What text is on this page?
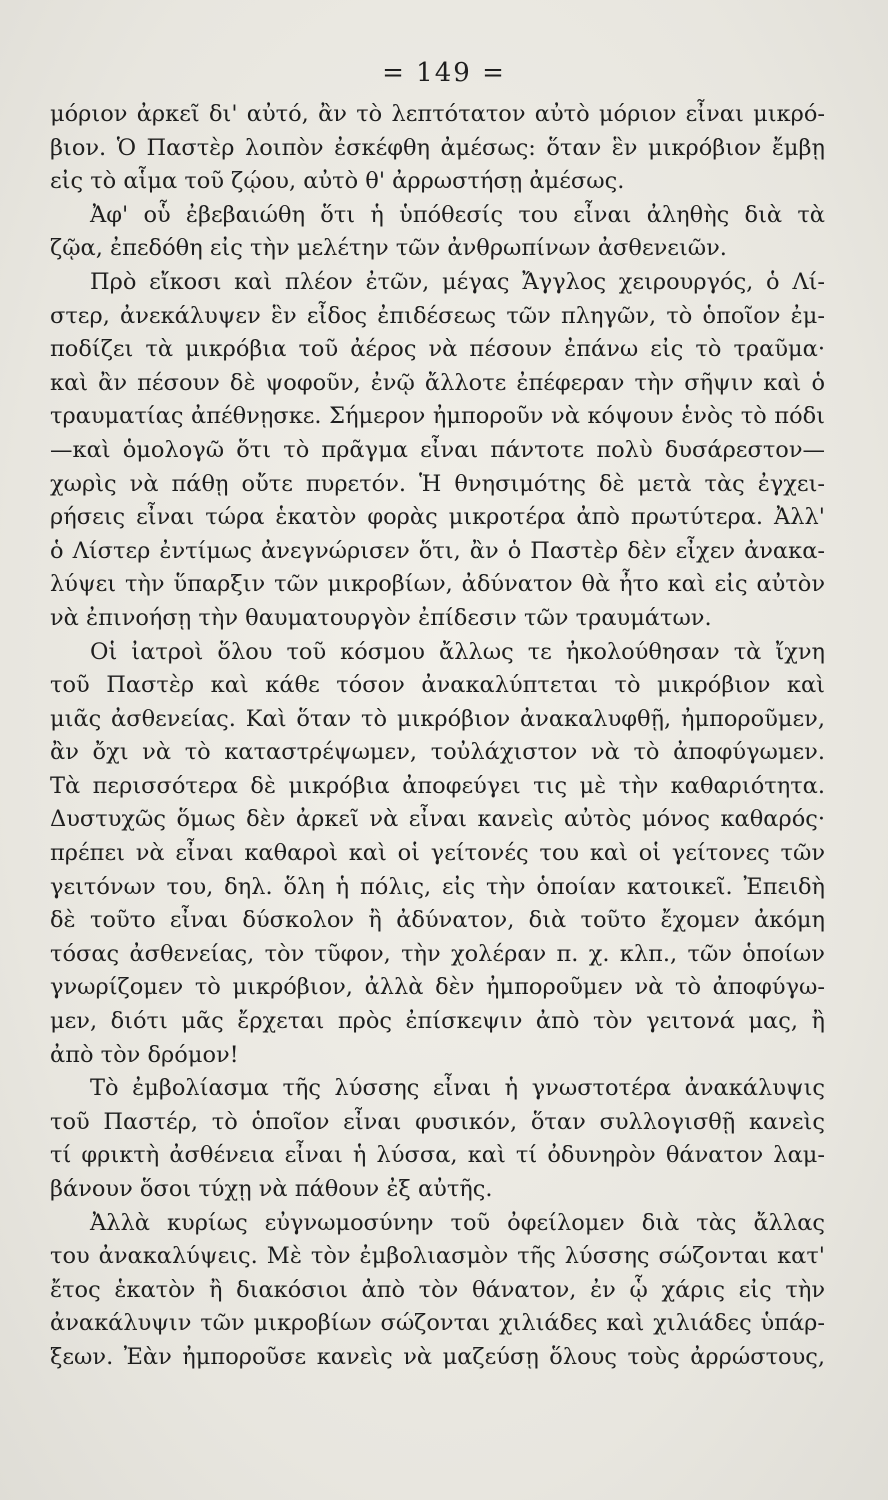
= 149 =
μόριον ἀρκεῖ δι' αὐτό, ἂν τὸ λεπτότατον αὐτὸ μόριον εἶναι μικρό-
βιον. Ὁ Παστὲρ λοιπὸν ἐσκέφθη ἀμέσως: ὅταν ἓν μικρόβιον ἔμβῃ
εἰς τὸ αἷμα τοῦ ζῴου, αὐτὸ θ' ἀρρωστήσῃ ἀμέσως.
Ἀφ' οὗ ἐβεβαιώθη ὅτι ἡ ὑπόθεσίς του εἶναι ἀληθὴς διὰ τὰ
ζῷα, ἐπεδόθη εἰς τὴν μελέτην τῶν ἀνθρωπίνων ἀσθενειῶν.
Πρὸ εἴκοσι καὶ πλέον ἐτῶν, μέγας Ἄγγλος χειρουργός, ὁ Λί-
στερ, ἀνεκάλυψεν ἓν εἶδος ἐπιδέσεως τῶν πληγῶν, τὸ ὁποῖον ἐμ-
ποδίζει τὰ μικρόβια τοῦ ἀέρος νὰ πέσουν ἐπάνω εἰς τὸ τραῦμα·
καὶ ἂν πέσουν δὲ ψοφοῦν, ἐνῷ ἄλλοτε ἐπέφεραν τὴν σῆψιν καὶ ὁ
τραυματίας ἀπέθνῃσκε. Σήμερον ἠμποροῦν νὰ κόψουν ἑνὸς τὸ πόδι
—καὶ ὁμολογῶ ὅτι τὸ πρᾶγμα εἶναι πάντοτε πολὺ δυσάρεστον—
χωρὶς νὰ πάθῃ οὔτε πυρετόν. Ἡ θνησιμότης δὲ μετὰ τὰς ἐγχει-
ρήσεις εἶναι τώρα ἑκατὸν φορὰς μικροτέρα ἀπὸ πρωτύτερα. Ἀλλ'
ὁ Λίστερ ἐντίμως ἀνεγνώρισεν ὅτι, ἂν ὁ Παστὲρ δὲν εἶχεν ἀνακα-
λύψει τὴν ὕπαρξιν τῶν μικροβίων, ἀδύνατον θὰ ἦτο καὶ εἰς αὐτὸν
νὰ ἐπινοήσῃ τὴν θαυματουργὸν ἐπίδεσιν τῶν τραυμάτων.
Οἱ ἰατροὶ ὅλου τοῦ κόσμου ἄλλως τε ἠκολούθησαν τὰ ἴχνη
τοῦ Παστὲρ καὶ κάθε τόσον ἀνακαλύπτεται τὸ μικρόβιον καὶ
μιᾶς ἀσθενείας. Καὶ ὅταν τὸ μικρόβιον ἀνακαλυφθῇ, ἠμποροῦμεν,
ἂν ὄχι νὰ τὸ καταστρέψωμεν, τοὐλάχιστον νὰ τὸ ἀποφύγωμεν.
Τὰ περισσότερα δὲ μικρόβια ἀποφεύγει τις μὲ τὴν καθαριότητα.
Δυστυχῶς ὅμως δὲν ἀρκεῖ νὰ εἶναι κανεὶς αὐτὸς μόνος καθαρός·
πρέπει νὰ εἶναι καθαροὶ καὶ οἱ γείτονές του καὶ οἱ γείτονες τῶν
γειτόνων του, δηλ. ὅλη ἡ πόλις, εἰς τὴν ὁποίαν κατοικεῖ. Ἐπειδὴ
δὲ τοῦτο εἶναι δύσκολον ἢ ἀδύνατον, διὰ τοῦτο ἔχομεν ἀκόμη
τόσας ἀσθενείας, τὸν τῦφον, τὴν χολέραν π. χ. κλπ., τῶν ὁποίων
γνωρίζομεν τὸ μικρόβιον, ἀλλὰ δὲν ἠμποροῦμεν νὰ τὸ ἀποφύγω-
μεν, διότι μᾶς ἔρχεται πρὸς ἐπίσκεψιν ἀπὸ τὸν γειτονά μας, ἢ
ἀπὸ τὸν δρόμον!
Τὸ ἐμβολίασμα τῆς λύσσης εἶναι ἡ γνωστοτέρα ἀνακάλυψις
τοῦ Παστέρ, τὸ ὁποῖον εἶναι φυσικόν, ὅταν συλλογισθῇ κανεὶς
τί φρικτὴ ἀσθένεια εἶναι ἡ λύσσα, καὶ τί ὀδυνηρὸν θάνατον λαμ-
βάνουν ὅσοι τύχῃ νὰ πάθουν ἐξ αὐτῆς.
Ἀλλὰ κυρίως εὐγνωμοσύνην τοῦ ὀφείλομεν διὰ τὰς ἄλλας
του ἀνακαλύψεις. Μὲ τὸν ἐμβολιασμὸν τῆς λύσσης σώζονται κατ'
ἔτος ἑκατὸν ἢ διακόσιοι ἀπὸ τὸν θάνατον, ἐν ᾧ χάρις εἰς τὴν
ἀνακάλυψιν τῶν μικροβίων σώζονται χιλιάδες καὶ χιλιάδες ὑπάρ-
ξεων. Ἐὰν ἠμποροῦσε κανεὶς νὰ μαζεύσῃ ὅλους τοὺς ἀρρώστους,
